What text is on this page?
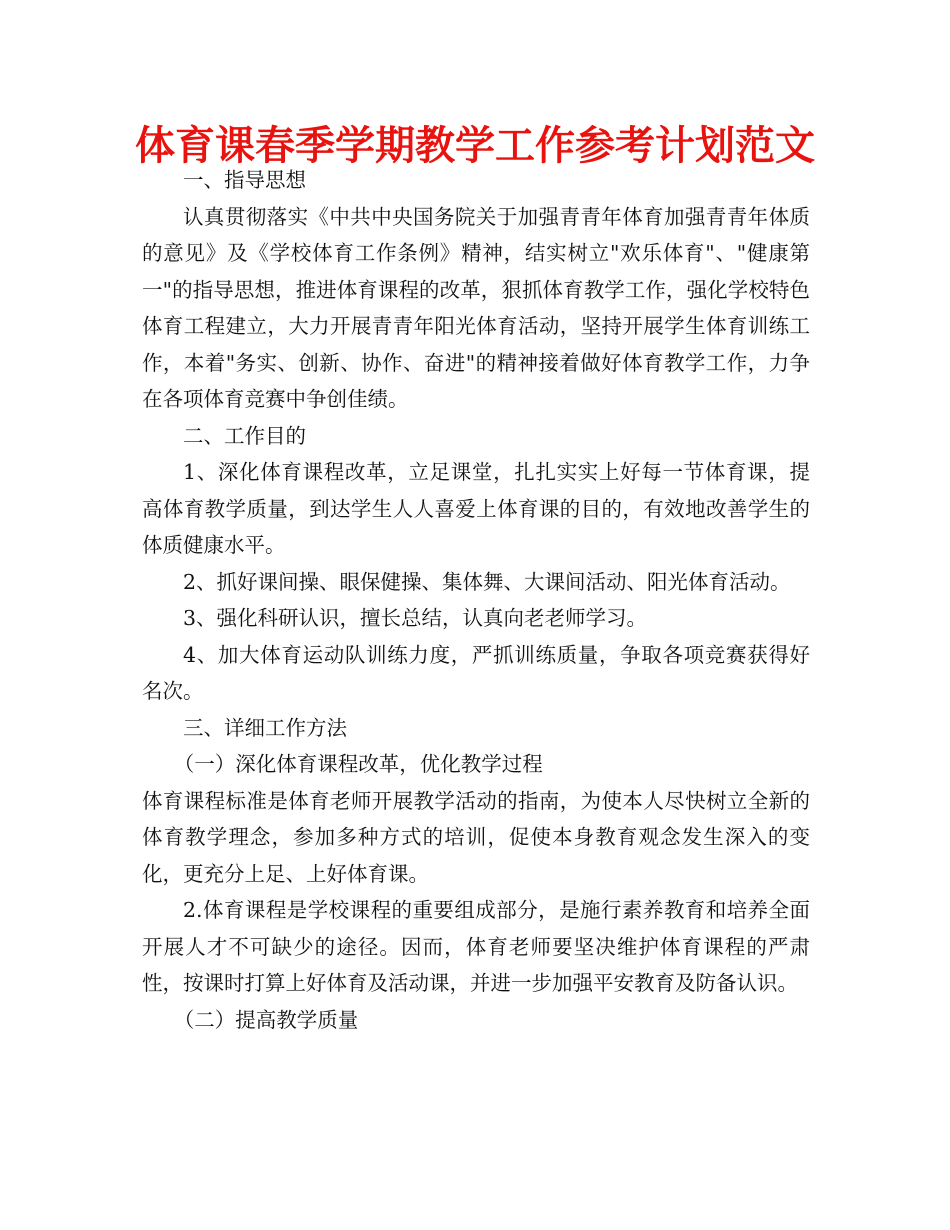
体育课春季学期教学工作参考计划范文

一、指导思想

认真贯彻落实《中共中央国务院关于加强青青年体育加强青青年体质的意见》及《学校体育工作条例》精神，结实树立"欢乐体育"、"健康第一"的指导思想，推进体育课程的改革，狠抓体育教学工作，强化学校特色体育工程建立，大力开展青青年阳光体育活动，坚持开展学生体育训练工作，本着"务实、创新、协作、奋进"的精神接着做好体育教学工作，力争在各项体育竞赛中争创佳绩。

二、工作目的

1、深化体育课程改革，立足课堂，扎扎实实上好每一节体育课，提高体育教学质量，到达学生人人喜爱上体育课的目的，有效地改善学生的体质健康水平。

2、抓好课间操、眼保健操、集体舞、大课间活动、阳光体育活动。

3、强化科研认识，擅长总结，认真向老老师学习。

4、加大体育运动队训练力度，严抓训练质量，争取各项竞赛获得好名次。

三、详细工作方法

（一）深化体育课程改革，优化教学过程

体育课程标准是体育老师开展教学活动的指南，为使本人尽快树立全新的体育教学理念，参加多种方式的培训，促使本身教育观念发生深入的变化，更充分上足、上好体育课。

2.体育课程是学校课程的重要组成部分，是施行素养教育和培养全面开展人才不可缺少的途径。因而，体育老师要坚决维护体育课程的严肃性，按课时打算上好体育及活动课，并进一步加强平安教育及防备认识。

（二）提高教学质量
